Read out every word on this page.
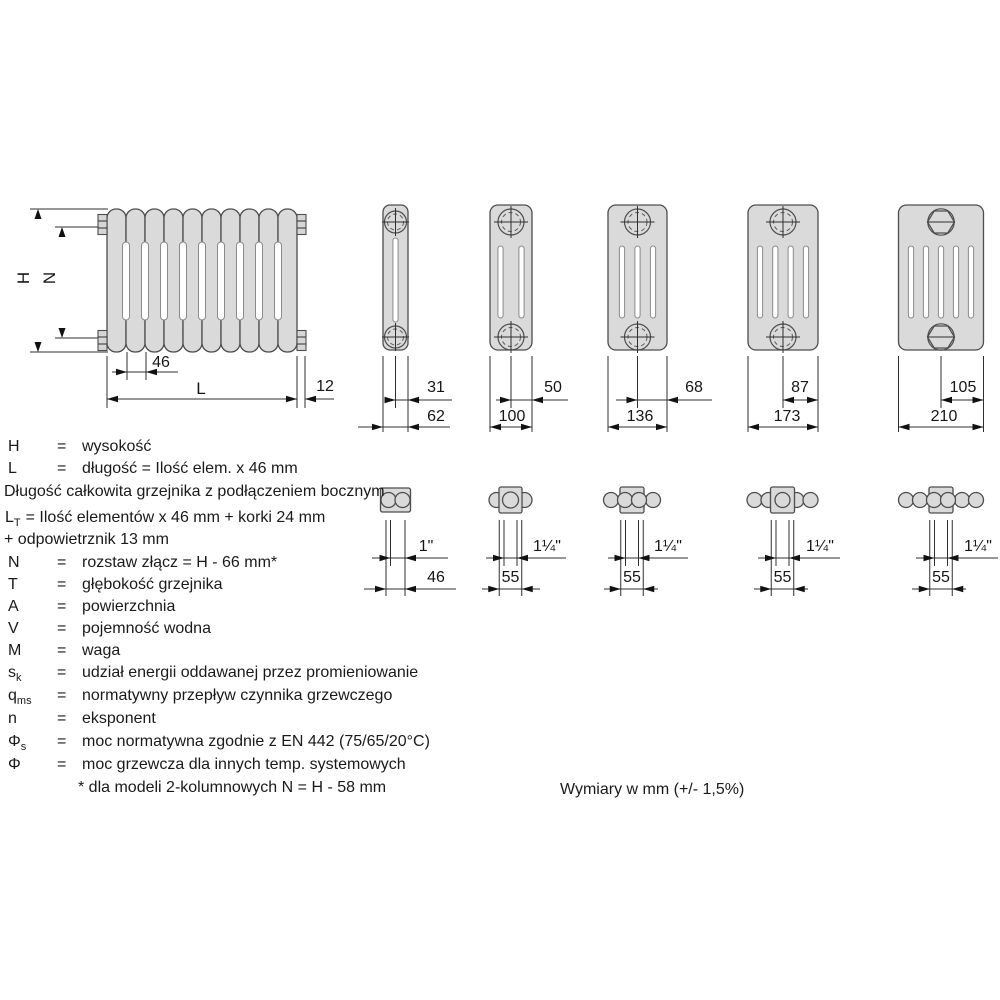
H N
46
L	12	31
62
50
100
68
136
87
173
105
210
1"
46
1¼"
55
1¼"
55
1¼"
55
1¼"
55
H = wysokość
L	= długość = Ilość elem. x 46 mm
Długość całkowita grzejnika z podłączeniem bocznym
$L_T$ = Ilość elementów x 46 mm + korki 24 mm
+ odpowietrznik 13 mm
N = rozstaw złącz = H - 66 mm*
T = głębokość grzejnika
A = powierzchnia
V = pojemność wodna
M = waga
$s_k$ = udział energii oddawanej przez promieniowanie
$q_{ms}$ = normatywny przepływ czynnika grzewczego
n	= eksponent
$\Phi_s$ = moc normatywna zgodnie z EN 442 (75/65/20°C)
Φ = moc grzewcza dla innych temp. systemowych
* dla modeli 2-kolumnowych N = H - 58 mm	Wymiary w mm (+/- 1,5%)
